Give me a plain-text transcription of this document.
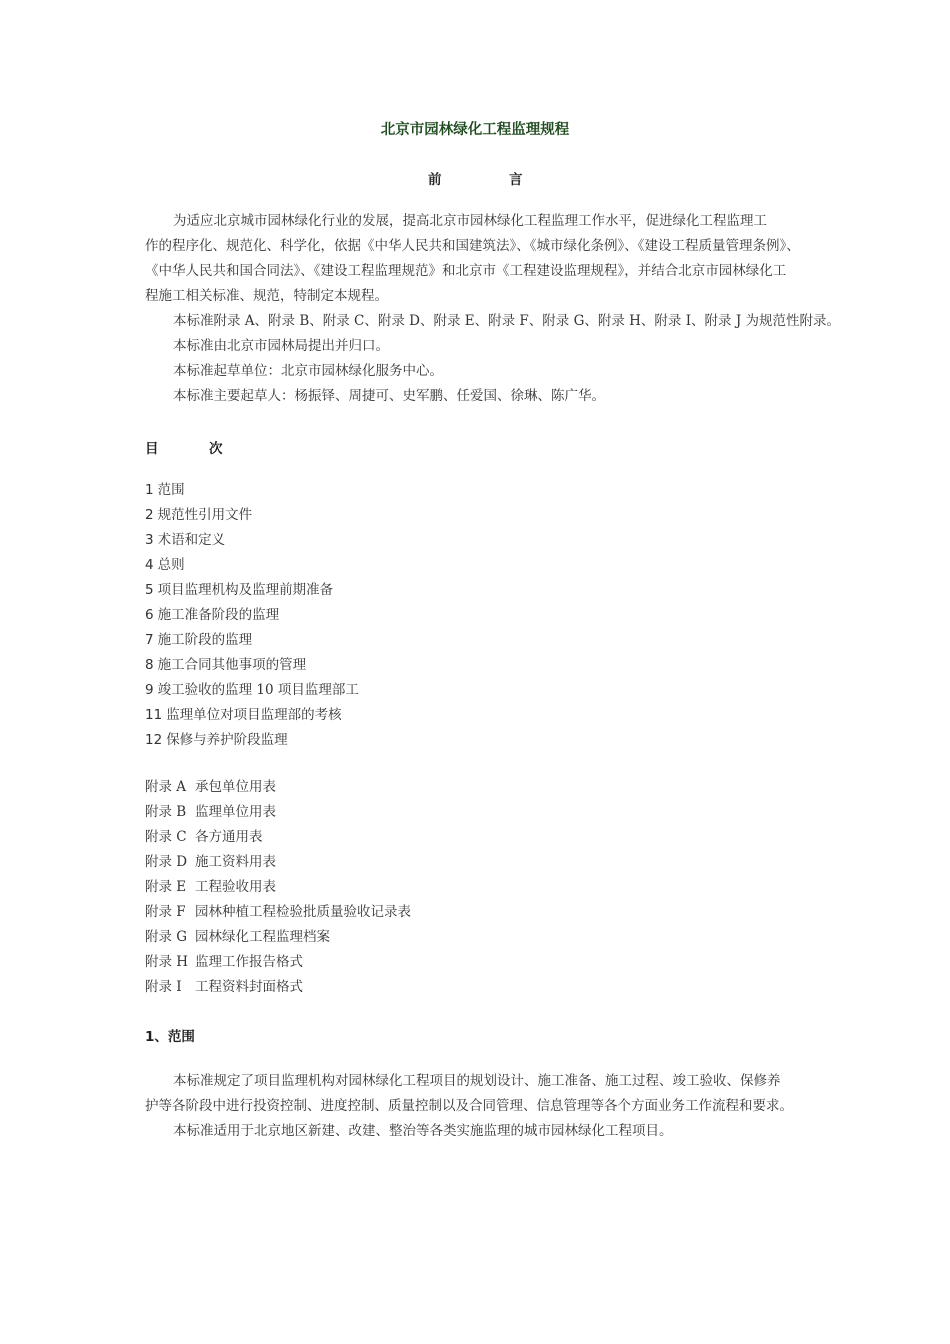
北京市园林绿化工程监理规程
前	言
为适应北京城市园林绿化行业的发展，提高北京市园林绿化工程监理工作水平，促进绿化工程监理工
作的程序化、规范化、科学化，依据《中华人民共和国建筑法》、《城市绿化条例》、《建设工程质量管理条例》、
《中华人民共和国合同法》、《建设工程监理规范》和北京市《工程建设监理规程》，并结合北京市园林绿化工
程施工相关标准、规范，特制定本规程。
本标准附录 A、附录 B、附录 C、附录 D、附录 E、附录 F、附录 G、附录 H、附录 I、附录 J 为规范性附录。
本标准由北京市园林局提出并归口。
本标准起草单位：北京市园林绿化服务中心。
本标准主要起草人：杨振铎、周捷可、史军鹏、任爱国、徐琳、陈广华。
目	次
1 范围
2 规范性引用文件
3 术语和定义
4 总则
5 项目监理机构及监理前期准备
6 施工准备阶段的监理
7 施工阶段的监理
8 施工合同其他事项的管理
9 竣工验收的监理 10 项目监理部工
11 监理单位对项目监理部的考核
12 保修与养护阶段监理
附录 A 承包单位用表
附录 B 监理单位用表
附录 C 各方通用表
附录 D 施工资料用表
附录 E 工程验收用表
附录 F 园林种植工程检验批质量验收记录表
附录 G 园林绿化工程监理档案
附录 H 监理工作报告格式
附录 I 工程资料封面格式
1、范围
本标准规定了项目监理机构对园林绿化工程项目的规划设计、施工准备、施工过程、竣工验收、保修养
护等各阶段中进行投资控制、进度控制、质量控制以及合同管理、信息管理等各个方面业务工作流程和要求。
本标准适用于北京地区新建、改建、整治等各类实施监理的城市园林绿化工程项目。
